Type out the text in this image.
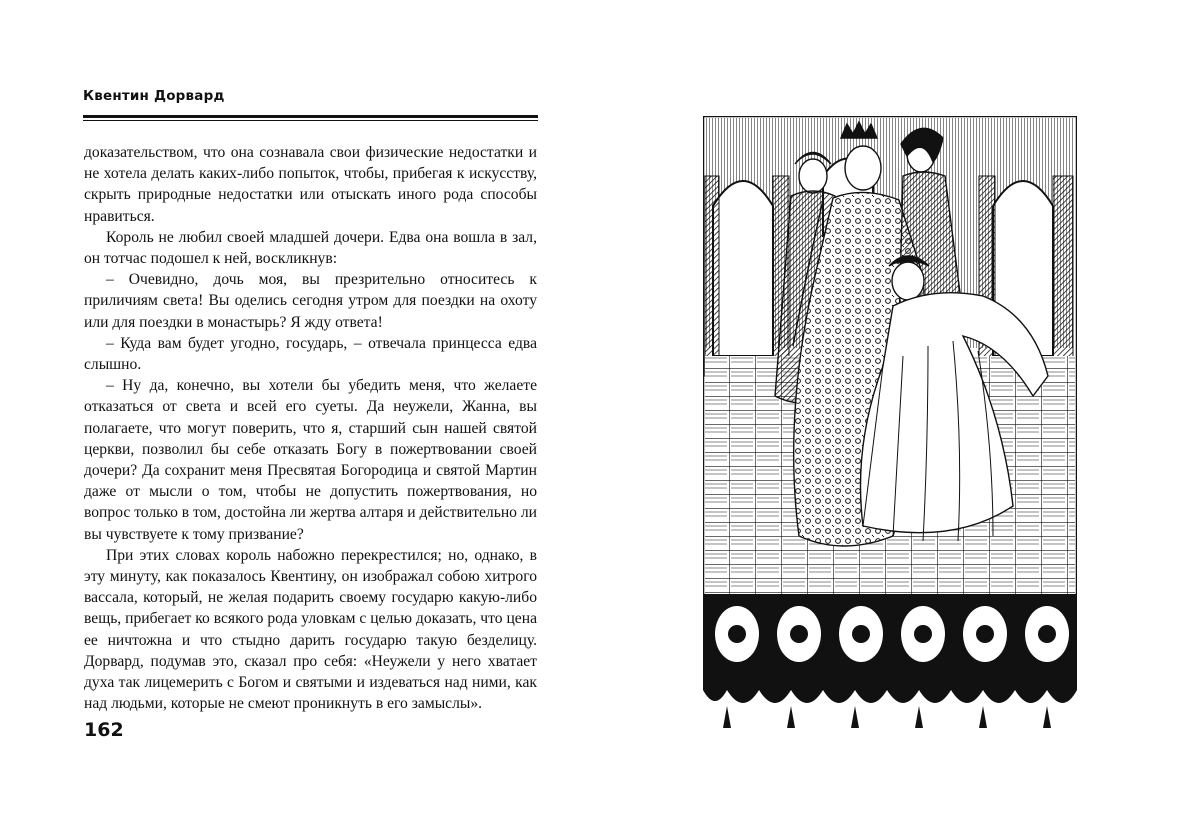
Квентин Дорвард

доказательством, что она сознавала свои физические недостатки и не хотела делать каких-либо попыток, чтобы, прибегая к искусству, скрыть природные недостатки или отыскать иного рода способы нравиться.

Король не любил своей младшей дочери. Едва она вошла в зал, он тотчас подошел к ней, воскликнув:

– Очевидно, дочь моя, вы презрительно относитесь к приличиям света! Вы оделись сегодня утром для поездки на охоту или для поездки в монастырь? Я жду ответа!

– Куда вам будет угодно, государь, – отвечала принцесса едва слышно.

– Ну да, конечно, вы хотели бы убедить меня, что желаете отказаться от света и всей его суеты. Да неужели, Жанна, вы полагаете, что могут поверить, что я, старший сын нашей святой церкви, позволил бы себе отказать Богу в пожертвовании своей дочери? Да сохранит меня Пресвятая Богородица и святой Мартин даже от мысли о том, чтобы не допустить пожертвования, но вопрос только в том, достойна ли жертва алтаря и действительно ли вы чувствуете к тому призвание?

При этих словах король набожно перекрестился; но, однако, в эту минуту, как показалось Квентину, он изображал собою хитрого вассала, который, не желая подарить своему государю какую-либо вещь, прибегает ко всякого рода уловкам с целью доказать, что цена ее ничтожна и что стыдно дарить государю такую безделицу. Дорвард, подумав это, сказал про себя: «Неужели у него хватает духа так лицемерить с Богом и святыми и издеваться над ними, как над людьми, которые не смеют проникнуть в его замыслы».

162
